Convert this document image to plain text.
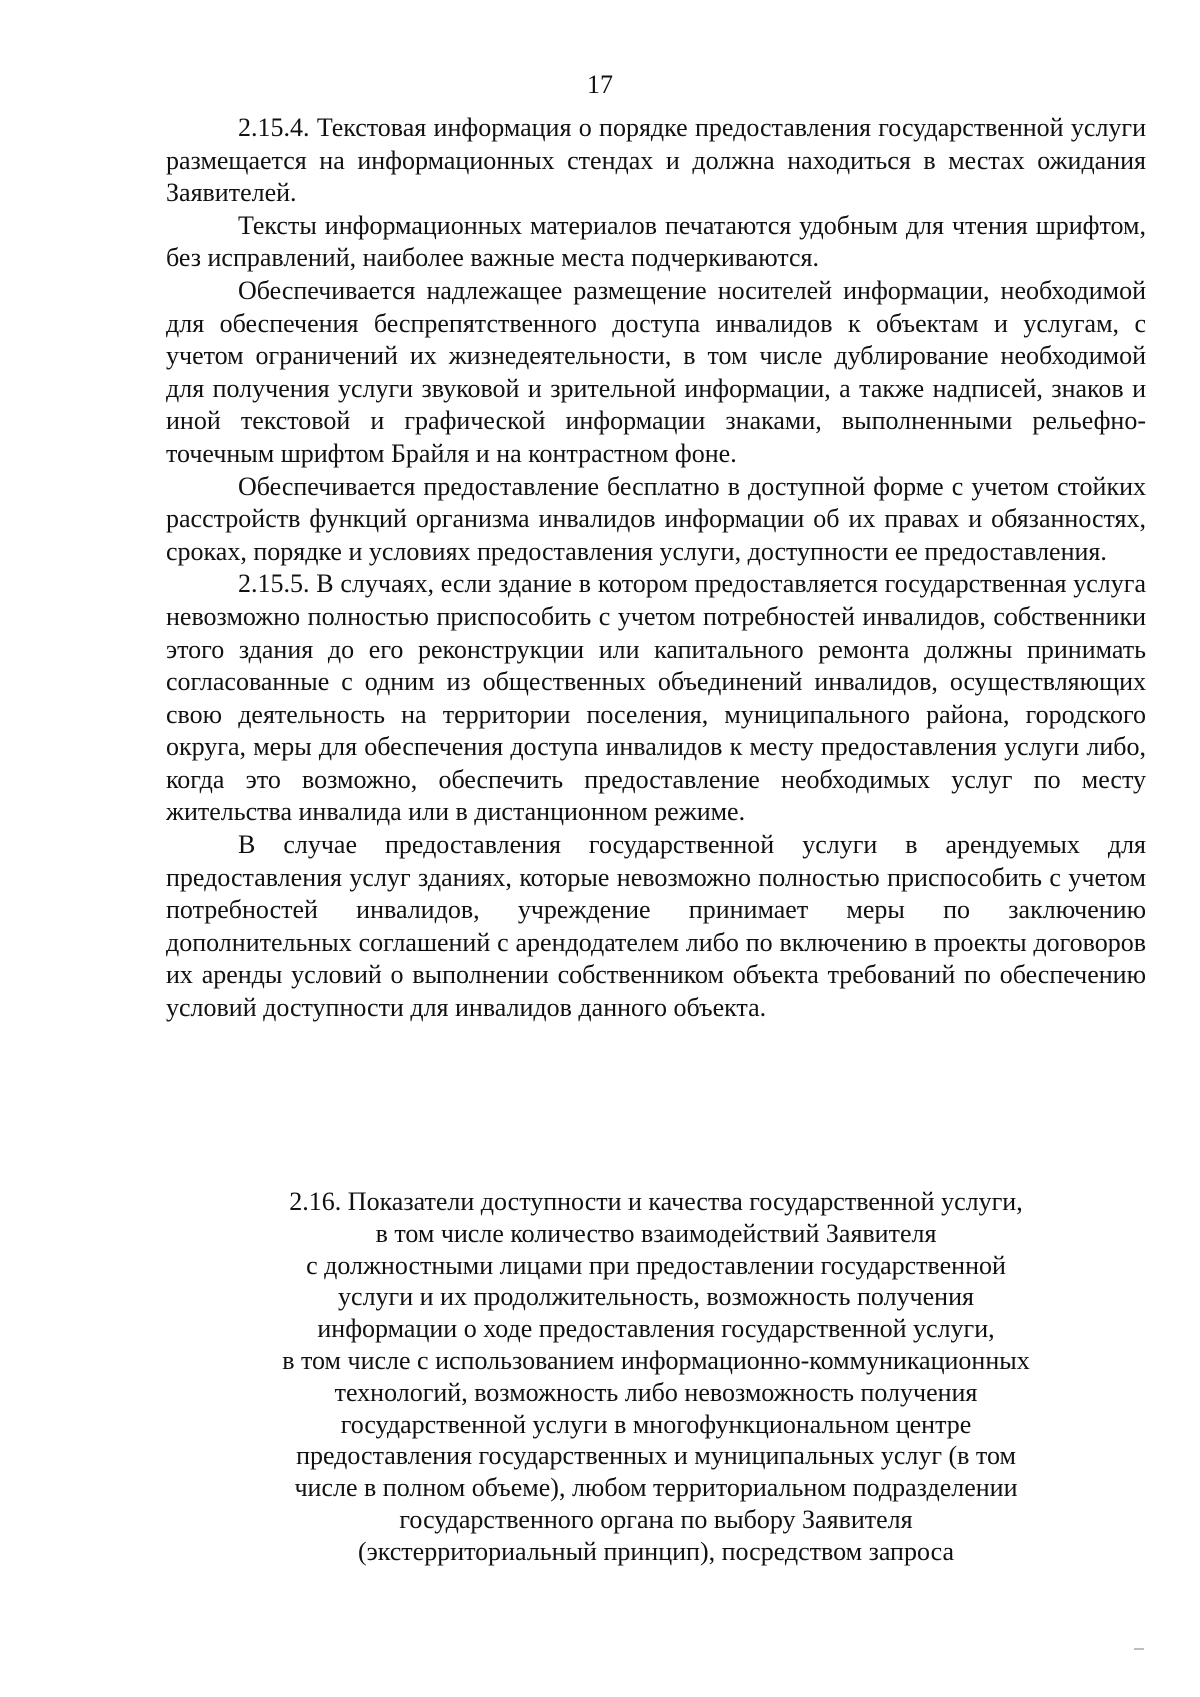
17

2.15.4. Текстовая информация о порядке предоставления государственной услуги размещается на информационных стендах и должна находиться в местах ожидания Заявителей.

Тексты информационных материалов печатаются удобным для чтения шрифтом, без исправлений, наиболее важные места подчеркиваются.

Обеспечивается надлежащее размещение носителей информации, необходимой для обеспечения беспрепятственного доступа инвалидов к объектам и услугам, с учетом ограничений их жизнедеятельности, в том числе дублирование необходимой для получения услуги звуковой и зрительной информации, а также надписей, знаков и иной текстовой и графической информации знаками, выполненными рельефно-точечным шрифтом Брайля и на контрастном фоне.

Обеспечивается предоставление бесплатно в доступной форме с учетом стойких расстройств функций организма инвалидов информации об их правах и обязанностях, сроках, порядке и условиях предоставления услуги, доступности ее предоставления.

2.15.5. В случаях, если здание в котором предоставляется государственная услуга невозможно полностью приспособить с учетом потребностей инвалидов, собственники этого здания до его реконструкции или капитального ремонта должны принимать согласованные с одним из общественных объединений инвалидов, осуществляющих свою деятельность на территории поселения, муниципального района, городского округа, меры для обеспечения доступа инвалидов к месту предоставления услуги либо, когда это возможно, обеспечить предоставление необходимых услуг по месту жительства инвалида или в дистанционном режиме.

В случае предоставления государственной услуги в арендуемых для предоставления услуг зданиях, которые невозможно полностью приспособить с учетом потребностей инвалидов, учреждение принимает меры по заключению дополнительных соглашений с арендодателем либо по включению в проекты договоров их аренды условий о выполнении собственником объекта требований по обеспечению условий доступности для инвалидов данного объекта.

2.16. Показатели доступности и качества государственной услуги,
в том числе количество взаимодействий Заявителя
с должностными лицами при предоставлении государственной
услуги и их продолжительность, возможность получения
информации о ходе предоставления государственной услуги,
в том числе с использованием информационно-коммуникационных
технологий, возможность либо невозможность получения
государственной услуги в многофункциональном центре
предоставления государственных и муниципальных услуг (в том
числе в полном объеме), любом территориальном подразделении
государственного органа по выбору Заявителя
(экстерриториальный принцип), посредством запроса
